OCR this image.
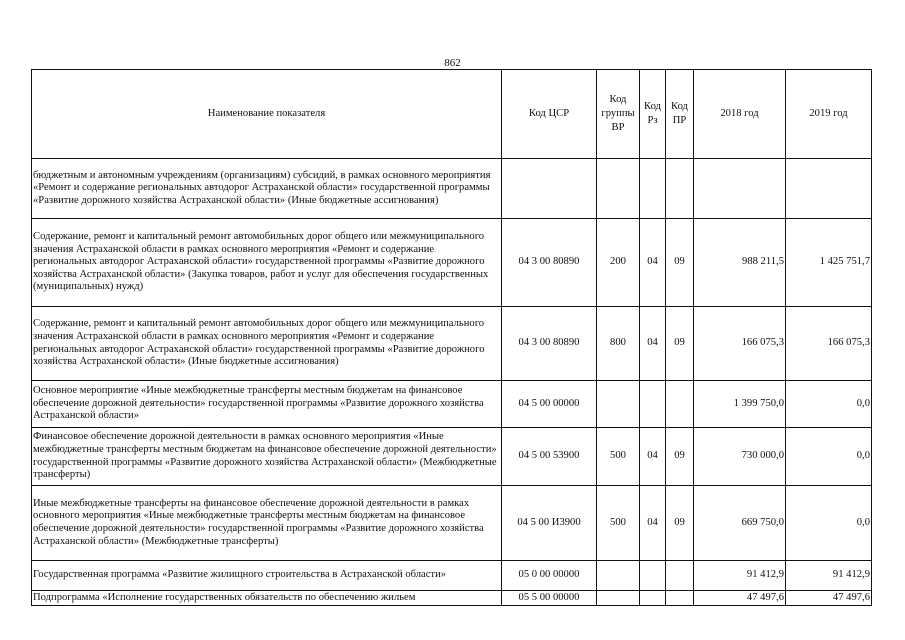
862
Наименование показателя	Код ЦСР	Код группы ВР	Код Рз	Код ПР	2018 год	2019 год
бюджетным и автономным учреждениям (организациям) субсидий, в рамках основного мероприятия «Ремонт и содержание региональных автодорог Астраханской области» государственной программы «Развитие дорожного хозяйства Астраханской области» (Иные бюджетные ассигнования)						
Содержание, ремонт и капитальный ремонт автомобильных дорог общего или межмуниципального значения Астраханской области в рамках основного мероприятия «Ремонт и содержание региональных автодорог Астраханской области» государственной программы «Развитие дорожного хозяйства Астраханской области» (Закупка товаров, работ и услуг для обеспечения государственных (муниципальных) нужд)	04 3 00 80890	200	04	09	988 211,5	1 425 751,7
Содержание, ремонт и капитальный ремонт автомобильных дорог общего или межмуниципального значения Астраханской области в рамках основного мероприятия «Ремонт и содержание региональных автодорог Астраханской области» государственной программы «Развитие дорожного хозяйства Астраханской области» (Иные бюджетные ассигнования)	04 3 00 80890	800	04	09	166 075,3	166 075,3
Основное мероприятие «Иные межбюджетные трансферты местным бюджетам на финансовое обеспечение дорожной деятельности» государственной программы «Развитие дорожного хозяйства Астраханской области»	04 5 00 00000				1 399 750,0	0,0
Финансовое обеспечение дорожной деятельности в рамках основного мероприятия «Иные межбюджетные трансферты местным бюджетам на финансовое обеспечение дорожной деятельности» государственной программы «Развитие дорожного хозяйства Астраханской области» (Межбюджетные трансферты)	04 5 00 53900	500	04	09	730 000,0	0,0
Иные межбюджетные трансферты на финансовое обеспечение дорожной деятельности в рамках основного мероприятия «Иные межбюджетные трансферты местным бюджетам на финансовое обеспечение дорожной деятельности» государственной программы «Развитие дорожного хозяйства Астраханской области» (Межбюджетные трансферты)	04 5 00 И3900	500	04	09	669 750,0	0,0
Государственная программа «Развитие жилищного строительства в Астраханской области»	05 0 00 00000				91 412,9	91 412,9
Подпрограмма «Исполнение государственных обязательств по обеспечению жильем	05 5 00 00000				47 497,6	47 497,6
